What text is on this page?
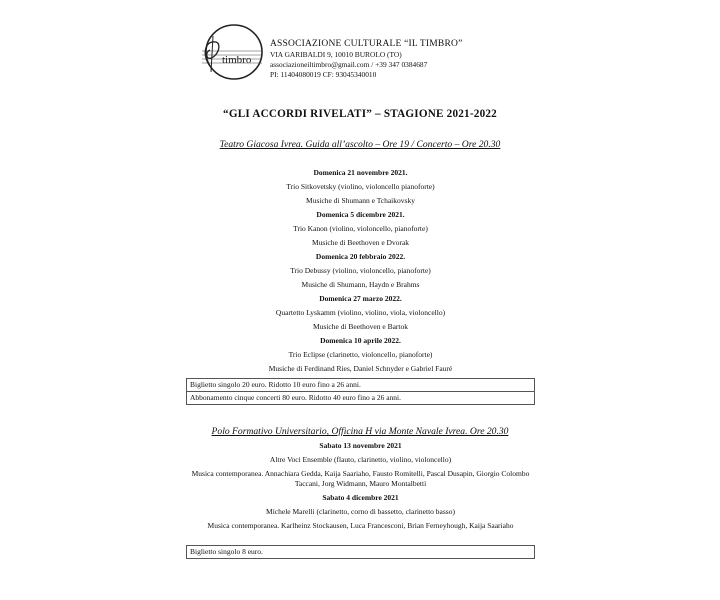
timbro
ASSOCIAZIONE CULTURALE “IL TIMBRO”
VIA GARIBALDI 9, 10010 BUROLO (TO)
associazioneiltimbro@gmail.com / +39 347 0384687
PI: 11404080019 CF: 93045340010
“GLI ACCORDI RIVELATI” – STAGIONE 2021-2022
Teatro Giacosa Ivrea. Guida all’ascolto – Ore 19 / Concerto – Ore 20.30

Domenica 21 novembre 2021.

Trio Sitkovetsky (violino, violoncello pianoforte)

Musiche di Shumann e Tchaikovsky

Domenica 5 dicembre 2021.

Trio Kanon (violino, violoncello, pianoforte)

Musiche di Beethoven e Dvorak

Domenica 20 febbraio 2022.

Trio Debussy (violino, violoncello, pianoforte)

Musiche di Shumann, Haydn e Brahms

Domenica 27 marzo 2022.

Quartetto Lyskamm (violino, violino, viola, violoncello)

Musiche di Beethoven e Bartok

Domenica 10 aprile 2022.

Trio Eclipse (clarinetto, violoncello, pianoforte)

Musiche di Ferdinand Ries, Daniel Schnyder e Gabriel Fauré

Biglietto singolo 20 euro. Ridotto 10 euro fino a 26 anni.
Abbonamento cinque concerti 80 euro. Ridotto 40 euro fino a 26 anni.
Polo Formativo Universitario, Officina H via Monte Navale Ivrea. Ore 20.30

Sabato 13 novembre 2021

Altre Voci Ensemble (flauto, clarinetto, violino, violoncello)

Musica contemporanea. Annachiara Gedda, Kaija Saariaho, Fausto Romitelli, Pascal Dusapin, Giorgio Colombo Taccani, Jorg Widmann, Mauro Montalbetti

Sabato 4 dicembre 2021

Michele Marelli (clarinetto, corno di bassetto, clarinetto basso)

Musica contemporanea. Karlheinz Stockausen, Luca Francesconi, Brian Ferneyhough, Kaija Saariaho

Biglietto singolo 8 euro.
